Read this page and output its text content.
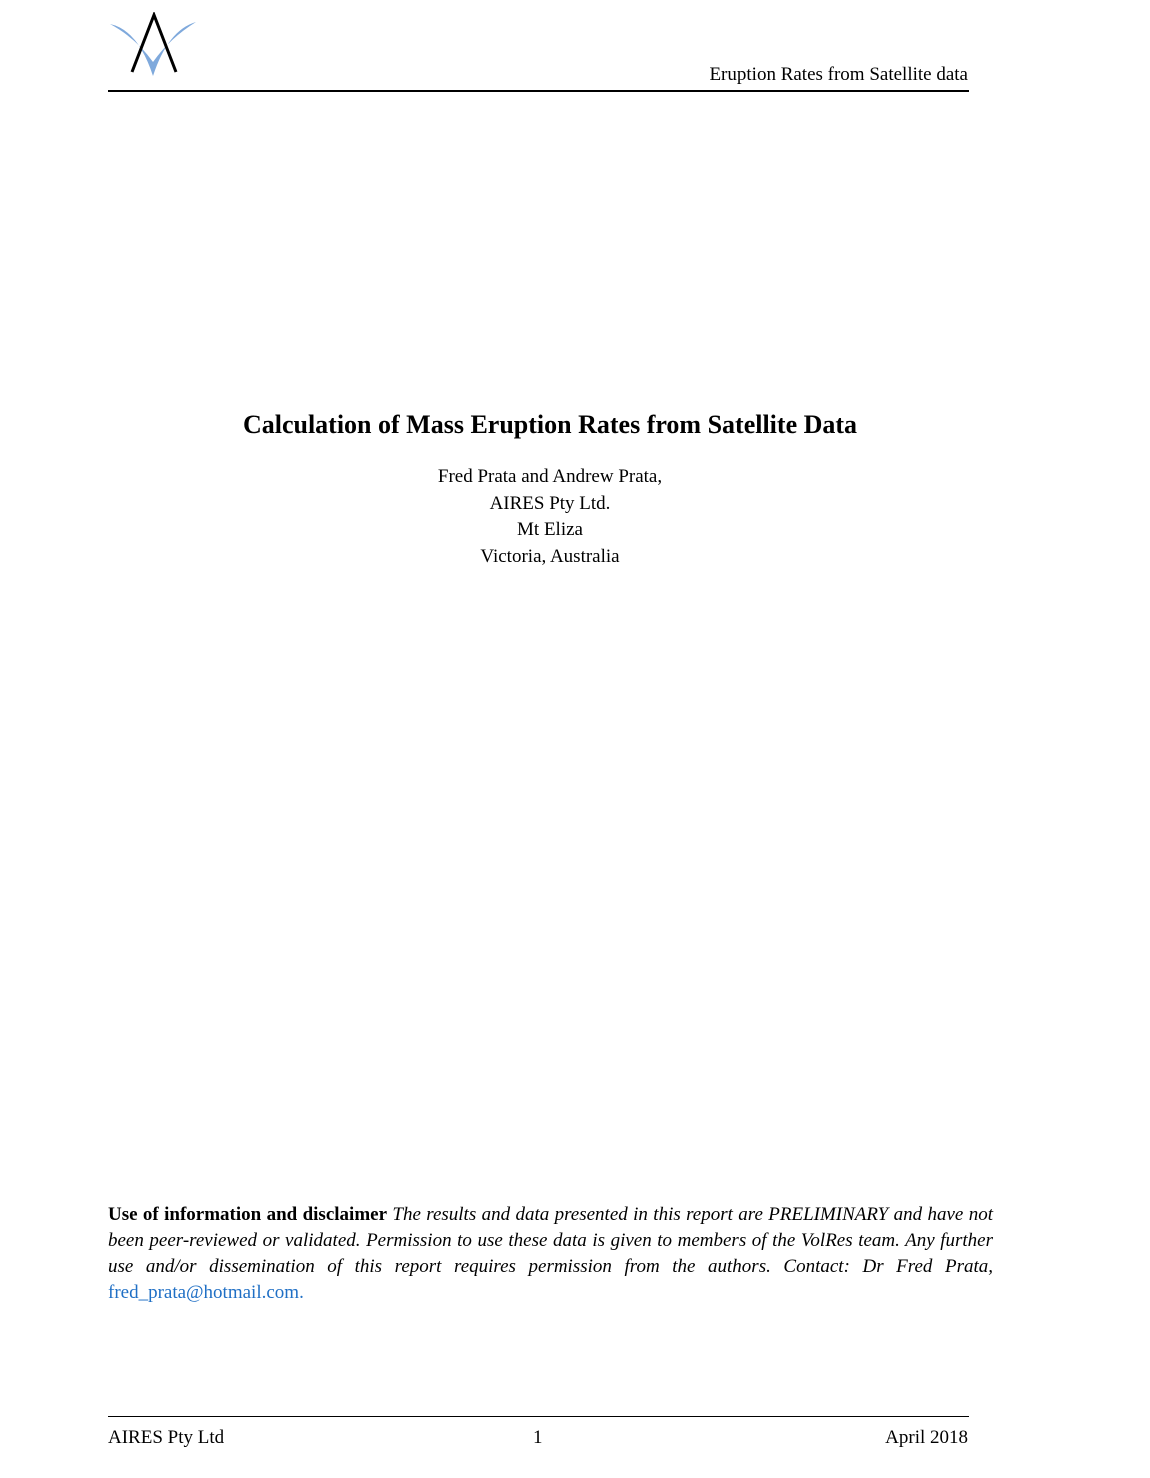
Eruption Rates from Satellite data
Calculation of Mass Eruption Rates from Satellite Data
Fred Prata and Andrew Prata,
AIRES Pty Ltd.
Mt Eliza
Victoria, Australia
Use of information and disclaimer The results and data presented in this report are PRELIMINARY and have not been peer-reviewed or validated. Permission to use these data is given to members of the VolRes team. Any further use and/or dissemination of this report requires permission from the authors. Contact: Dr Fred Prata, fred_prata@hotmail.com.
AIRES Pty Ltd	1	April 2018
